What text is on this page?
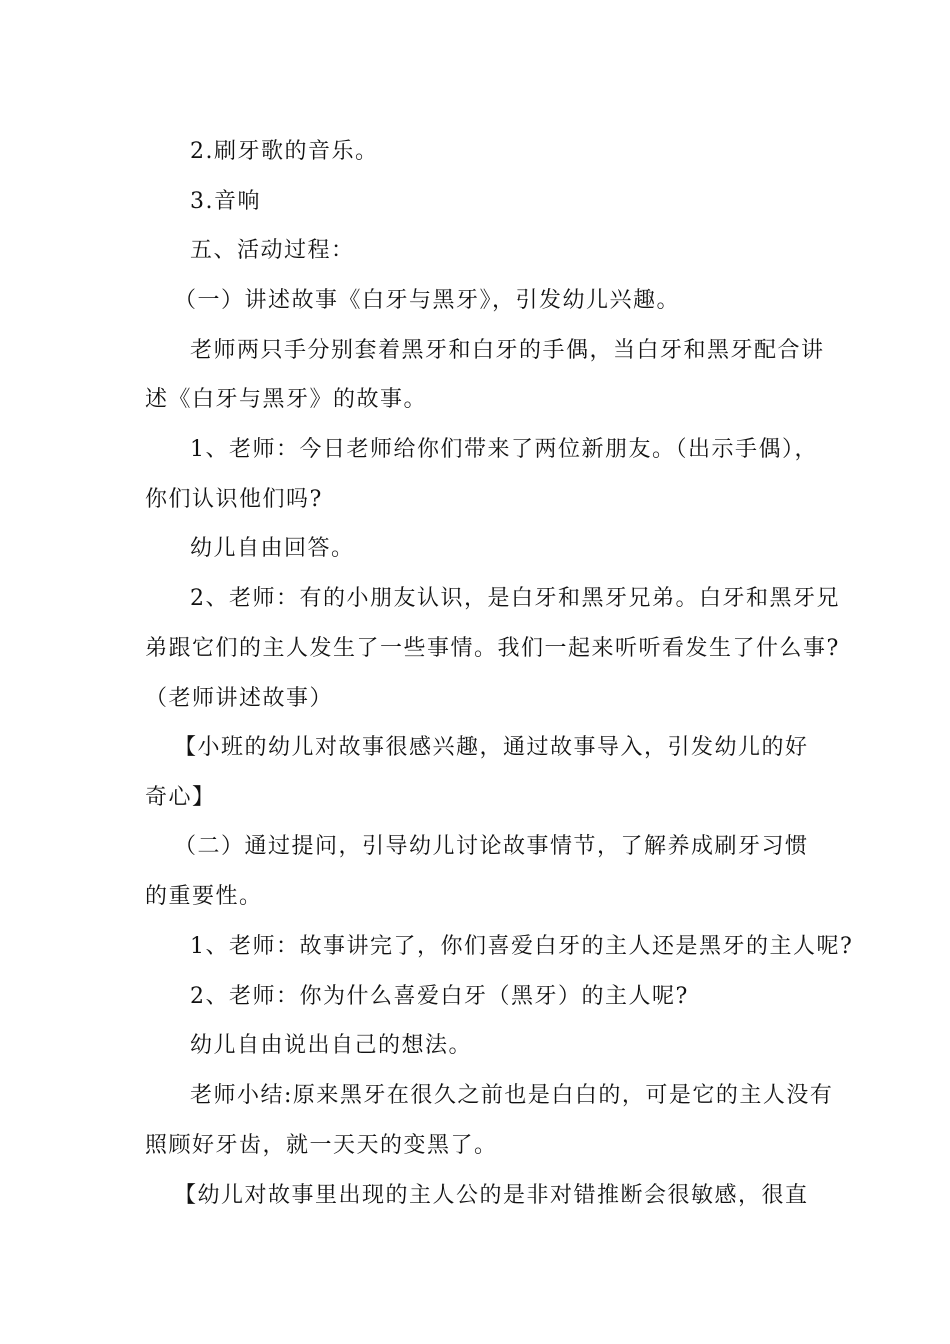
2.刷牙歌的音乐。
3.音响
五、活动过程：
（一）讲述故事《白牙与黑牙》，引发幼儿兴趣。
老师两只手分别套着黑牙和白牙的手偶，当白牙和黑牙配合讲
述《白牙与黑牙》的故事。
1、老师：今日老师给你们带来了两位新朋友。（出示手偶），
你们认识他们吗?
幼儿自由回答。
2、老师：有的小朋友认识，是白牙和黑牙兄弟。白牙和黑牙兄
弟跟它们的主人发生了一些事情。我们一起来听听看发生了什么事?
（老师讲述故事）
【小班的幼儿对故事很感兴趣，通过故事导入，引发幼儿的好
奇心】
（二）通过提问，引导幼儿讨论故事情节，了解养成刷牙习惯
的重要性。
1、老师：故事讲完了，你们喜爱白牙的主人还是黑牙的主人呢?
2、老师：你为什么喜爱白牙（黑牙）的主人呢?
幼儿自由说出自己的想法。
老师小结:原来黑牙在很久之前也是白白的，可是它的主人没有
照顾好牙齿，就一天天的变黑了。
【幼儿对故事里出现的主人公的是非对错推断会很敏感，很直
